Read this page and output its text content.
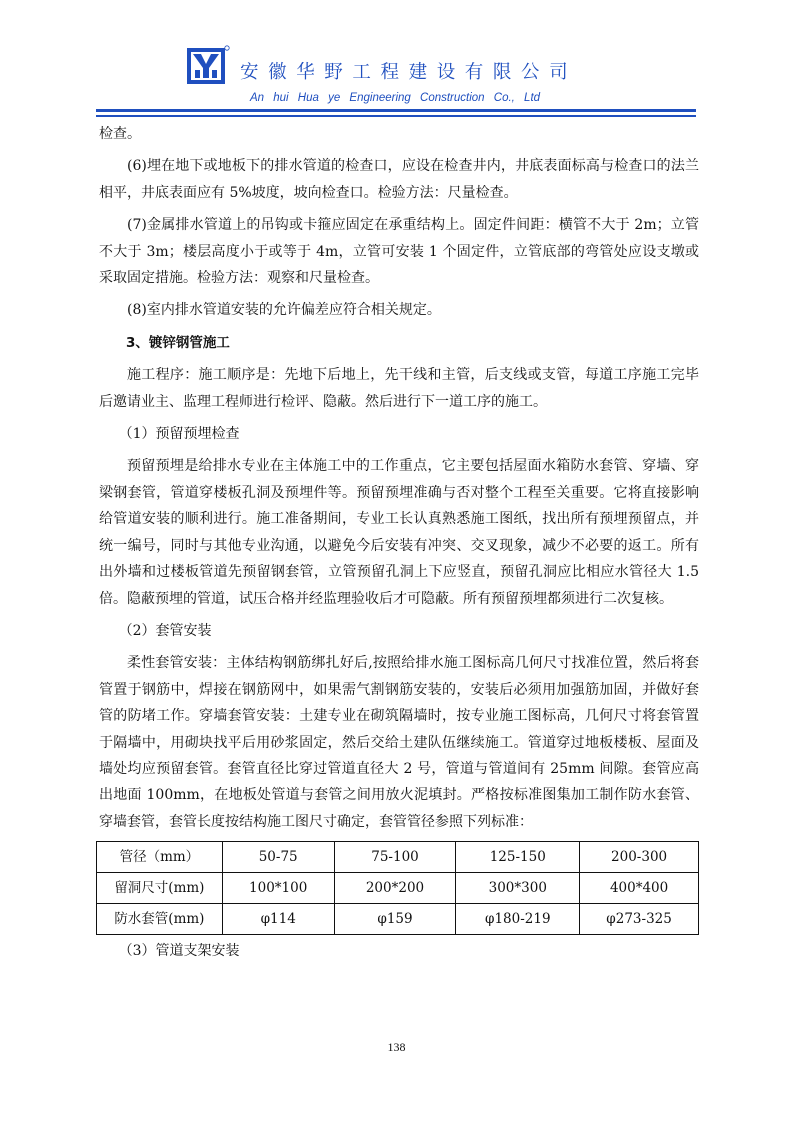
安徽华野工程建设有限公司
An hui Hua ye Engineering Construction Co., Ltd

检查。

(6)埋在地下或地板下的排水管道的检查口，应设在检查井内，井底表面标高与检查口的法兰相平，井底表面应有 5%坡度，坡向检查口。检验方法：尺量检查。

(7)金属排水管道上的吊钩或卡箍应固定在承重结构上。固定件间距：横管不大于 2m；立管不大于 3m；楼层高度小于或等于 4m，立管可安装 1 个固定件，立管底部的弯管处应设支墩或采取固定措施。检验方法：观察和尺量检查。

(8)室内排水管道安装的允许偏差应符合相关规定。

3、镀锌钢管施工

施工程序：施工顺序是：先地下后地上，先干线和主管，后支线或支管，每道工序施工完毕后邀请业主、监理工程师进行检评、隐蔽。然后进行下一道工序的施工。

（1）预留预埋检查

预留预埋是给排水专业在主体施工中的工作重点，它主要包括屋面水箱防水套管、穿墙、穿梁钢套管，管道穿楼板孔洞及预埋件等。预留预埋准确与否对整个工程至关重要。它将直接影响给管道安装的顺利进行。施工准备期间，专业工长认真熟悉施工图纸，找出所有预埋预留点，并统一编号，同时与其他专业沟通，以避免今后安装有冲突、交叉现象，减少不必要的返工。所有出外墙和过楼板管道先预留钢套管，立管预留孔洞上下应竖直，预留孔洞应比相应水管径大 1.5倍。隐蔽预埋的管道，试压合格并经监理验收后才可隐蔽。所有预留预埋都须进行二次复核。

（2）套管安装

柔性套管安装：主体结构钢筋绑扎好后,按照给排水施工图标高几何尺寸找准位置，然后将套管置于钢筋中，焊接在钢筋网中，如果需气割钢筋安装的，安装后必须用加强筋加固，并做好套管的防堵工作。穿墙套管安装：土建专业在砌筑隔墙时，按专业施工图标高，几何尺寸将套管置于隔墙中，用砌块找平后用砂浆固定，然后交给土建队伍继续施工。管道穿过地板楼板、屋面及墙处均应预留套管。套管直径比穿过管道直径大 2 号，管道与管道间有 25mm 间隙。套管应高出地面 100mm，在地板处管道与套管之间用放火泥填封。严格按标准图集加工制作防水套管、穿墙套管，套管长度按结构施工图尺寸确定，套管管径参照下列标准：

管径（mm）	50-75	75-100	125-150	200-300
留洞尺寸(mm)	100*100	200*200	300*300	400*400
防水套管(mm)	φ114	φ159	φ180-219	φ273-325

（3）管道支架安装

138
